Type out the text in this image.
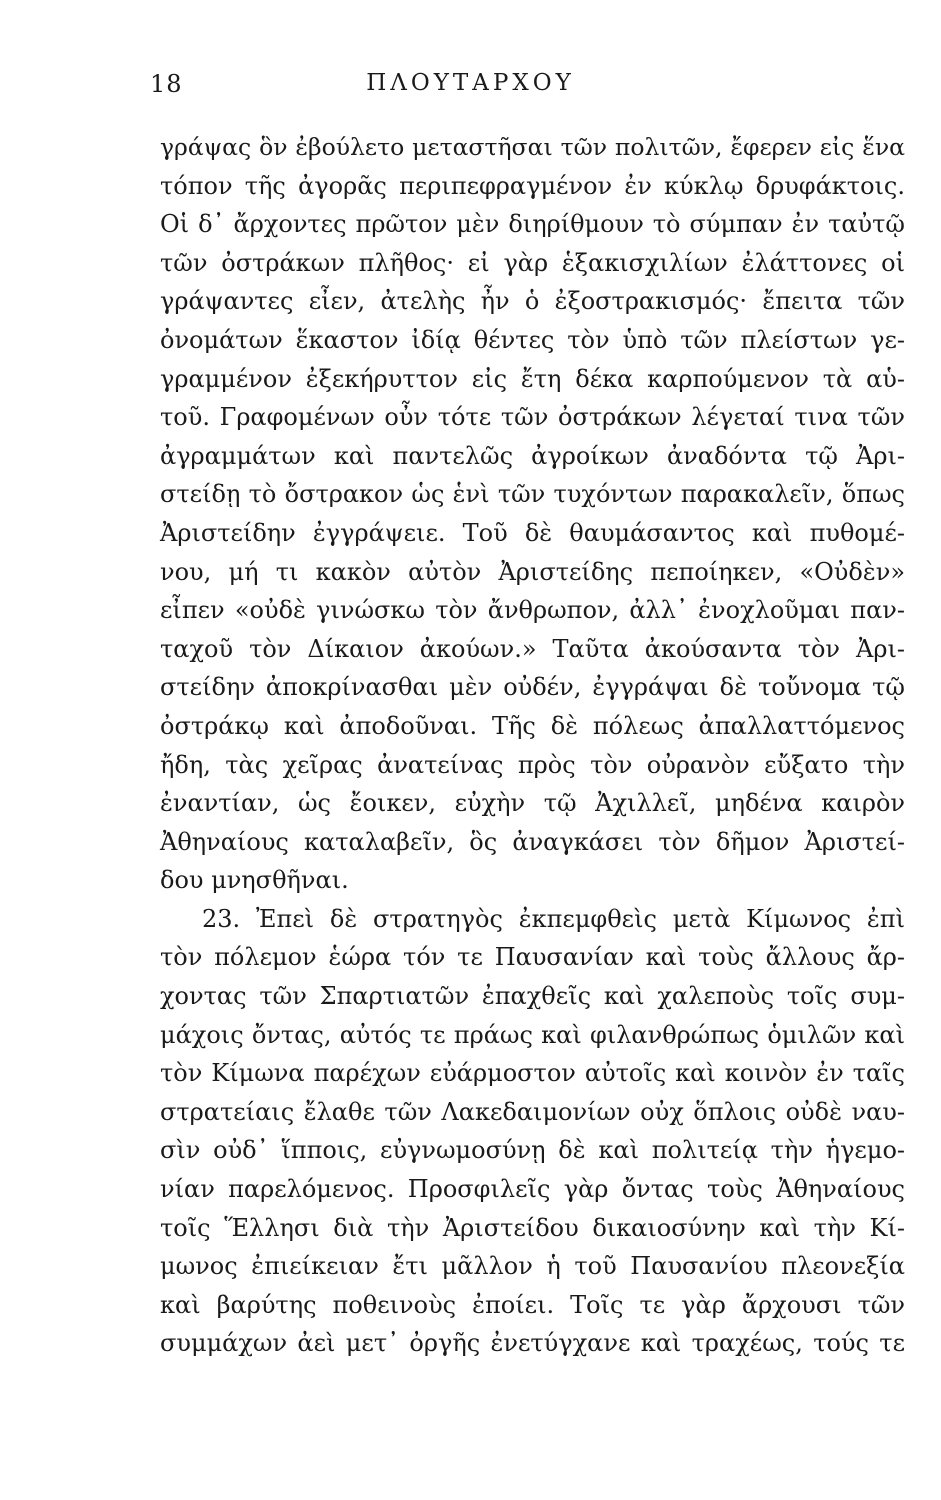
18	ΠΛΟΥΤΑΡΧΟΥ
γράψας ὃν ἐβούλετο μεταστῆσαι τῶν πολιτῶν, ἔφερεν εἰς ἕνα
τόπον τῆς ἀγορᾶς περιπεφραγμένον ἐν κύκλῳ δρυφάκτοις.
Οἱ δ᾿ ἄρχοντες πρῶτον μὲν διηρίθμουν τὸ σύμπαν ἐν ταὐτῷ
τῶν ὀστράκων πλῆθος· εἰ γὰρ ἑξακισχιλίων ἐλάττονες οἱ
γράψαντες εἶεν, ἀτελὴς ἦν ὁ ἐξοστρακισμός· ἔπειτα τῶν
ὀνομάτων ἕκαστον ἰδίᾳ θέντες τὸν ὑπὸ τῶν πλείστων γε-
γραμμένον ἐξεκήρυττον εἰς ἔτη δέκα καρπούμενον τὰ αὑ-
τοῦ. Γραφομένων οὖν τότε τῶν ὀστράκων λέγεταί τινα τῶν
ἀγραμμάτων καὶ παντελῶς ἀγροίκων ἀναδόντα τῷ Ἀρι-
στείδῃ τὸ ὄστρακον ὡς ἑνὶ τῶν τυχόντων παρακαλεῖν, ὅπως
Ἀριστείδην ἐγγράψειε. Τοῦ δὲ θαυμάσαντος καὶ πυθομέ-
νου, μή τι κακὸν αὐτὸν Ἀριστείδης πεποίηκεν, «Οὐδὲν»
εἶπεν «οὐδὲ γινώσκω τὸν ἄνθρωπον, ἀλλ᾿ ἐνοχλοῦμαι παν-
ταχοῦ τὸν Δίκαιον ἀκούων.» Ταῦτα ἀκούσαντα τὸν Ἀρι-
στείδην ἀποκρίνασθαι μὲν οὐδέν, ἐγγράψαι δὲ τοὔνομα τῷ
ὀστράκῳ καὶ ἀποδοῦναι. Τῆς δὲ πόλεως ἀπαλλαττόμενος
ἤδη, τὰς χεῖρας ἀνατείνας πρὸς τὸν οὐρανὸν εὔξατο τὴν
ἐναντίαν, ὡς ἔοικεν, εὐχὴν τῷ Ἀχιλλεῖ, μηδένα καιρὸν
Ἀθηναίους καταλαβεῖν, ὃς ἀναγκάσει τὸν δῆμον Ἀριστεί-
δου μνησθῆναι.
23. Ἐπεὶ δὲ στρατηγὸς ἐκπεμφθεὶς μετὰ Κίμωνος ἐπὶ
τὸν πόλεμον ἑώρα τόν τε Παυσανίαν καὶ τοὺς ἄλλους ἄρ-
χοντας τῶν Σπαρτιατῶν ἐπαχθεῖς καὶ χαλεποὺς τοῖς συμ-
μάχοις ὄντας, αὐτός τε πράως καὶ φιλανθρώπως ὁμιλῶν καὶ
τὸν Κίμωνα παρέχων εὐάρμοστον αὐτοῖς καὶ κοινὸν ἐν ταῖς
στρατείαις ἔλαθε τῶν Λακεδαιμονίων οὐχ ὅπλοις οὐδὲ ναυ-
σὶν οὐδ᾿ ἵπποις, εὐγνωμοσύνῃ δὲ καὶ πολιτείᾳ τὴν ἡγεμο-
νίαν παρελόμενος. Προσφιλεῖς γὰρ ὄντας τοὺς Ἀθηναίους
τοῖς Ἕλλησι διὰ τὴν Ἀριστείδου δικαιοσύνην καὶ τὴν Κί-
μωνος ἐπιείκειαν ἔτι μᾶλλον ἡ τοῦ Παυσανίου πλεονεξία
καὶ βαρύτης ποθεινοὺς ἐποίει. Τοῖς τε γὰρ ἄρχουσι τῶν
συμμάχων ἀεὶ μετ᾿ ὀργῆς ἐνετύγχανε καὶ τραχέως, τούς τε
